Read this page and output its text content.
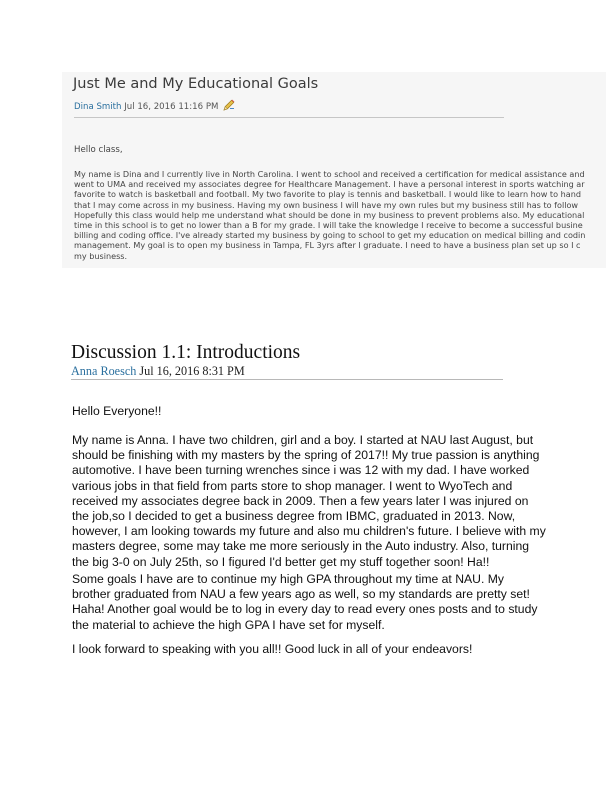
Just Me and My Educational Goals
Dina Smith Jul 16, 2016 11:16 PM
Hello class,
My name is Dina and I currently live in North Carolina. I went to school and received a certification for medical assistance and
went to UMA and received my associates degree for Healthcare Management. I have a personal interest in sports watching ar
favorite to watch is basketball and football. My two favorite to play is tennis and basketball. I would like to learn how to hand
that I may come across in my business. Having my own business I will have my own rules but my business still has to follow
Hopefully this class would help me understand what should be done in my business to prevent problems also. My educational
time in this school is to get no lower than a B for my grade. I will take the knowledge I receive to become a successful busine
billing and coding office. I've already started my business by going to school to get my education on medical billing and codin
management. My goal is to open my business in Tampa, FL 3yrs after I graduate. I need to have a business plan set up so I c
my business.
Discussion 1.1: Introductions
Anna Roesch Jul 16, 2016 8:31 PM

Hello Everyone!!

My name is Anna. I have two children, girl and a boy. I started at NAU last August, but
should be finishing with my masters by the spring of 2017!! My true passion is anything
automotive. I have been turning wrenches since i was 12 with my dad. I have worked
various jobs in that field from parts store to shop manager. I went to WyoTech and
received my associates degree back in 2009. Then a few years later I was injured on
the job,so I decided to get a business degree from IBMC, graduated in 2013. Now,
however, I am looking towards my future and also mu children's future. I believe with my
masters degree, some may take me more seriously in the Auto industry. Also, turning
the big 3-0 on July 25th, so I figured I'd better get my stuff together soon! Ha!!

Some goals I have are to continue my high GPA throughout my time at NAU. My
brother graduated from NAU a few years ago as well, so my standards are pretty set!
Haha! Another goal would be to log in every day to read every ones posts and to study
the material to achieve the high GPA I have set for myself.

I look forward to speaking with you all!! Good luck in all of your endeavors!
